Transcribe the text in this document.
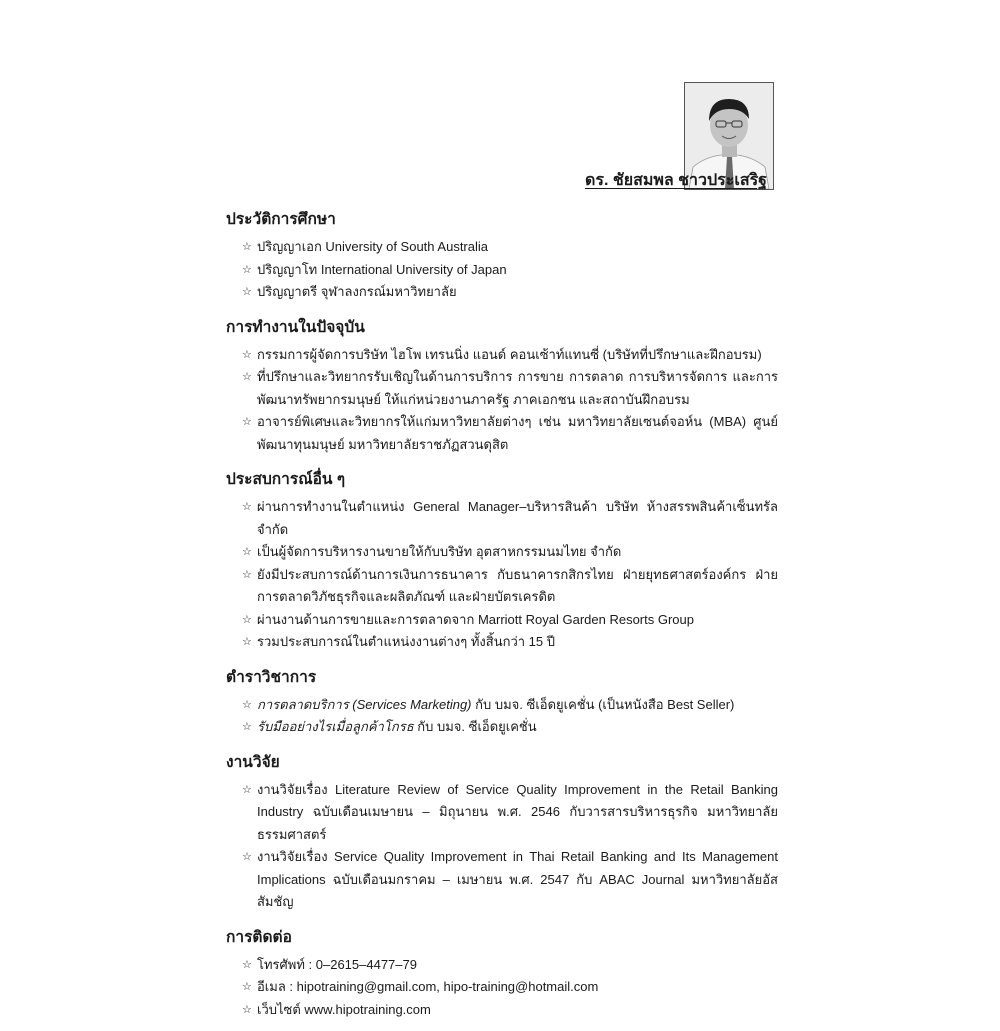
ดร. ชัยสมพล ชาวประเสริฐ
ประวัติการศึกษา
☆ ปริญญาเอก University of South Australia
☆ ปริญญาโท International University of Japan
☆ ปริญญาตรี จุฬาลงกรณ์มหาวิทยาลัย
การทำงานในปัจจุบัน
☆ กรรมการผู้จัดการบริษัท ไฮโพ เทรนนิ่ง แอนด์ คอนเซ้าท์แทนซี่ (บริษัทที่ปรึกษาและฝึกอบรม)
☆ ที่ปรึกษาและวิทยากรรับเชิญในด้านการบริการ การขาย การตลาด การบริหารจัดการ และการพัฒนาทรัพยากรมนุษย์ ให้แก่หน่วยงานภาครัฐ ภาคเอกชน และสถาบันฝึกอบรม
☆ อาจารย์พิเศษและวิทยากรให้แก่มหาวิทยาลัยต่างๆ เช่น มหาวิทยาลัยเซนต์จอห์น (MBA) ศูนย์พัฒนาทุนมนุษย์ มหาวิทยาลัยราชภัฏสวนดุสิต
ประสบการณ์อื่น ๆ
☆ ผ่านการทำงานในตำแหน่ง General Manager–บริหารสินค้า บริษัท ห้างสรรพสินค้าเซ็นทรัล จำกัด
☆ เป็นผู้จัดการบริหารงานขายให้กับบริษัท อุตสาหกรรมนมไทย จำกัด
☆ ยังมีประสบการณ์ด้านการเงินการธนาคาร กับธนาคารกสิกรไทย ฝ่ายยุทธศาสตร์องค์กร ฝ่ายการตลาดวิภัชธุรกิจและผลิตภัณฑ์ และฝ่ายบัตรเครดิต
☆ ผ่านงานด้านการขายและการตลาดจาก Marriott Royal Garden Resorts Group
☆ รวมประสบการณ์ในตำแหน่งงานต่างๆ ทั้งสิ้นกว่า 15 ปี
ตำราวิชาการ
☆ การตลาดบริการ (Services Marketing) กับ บมจ. ซีเอ็ดยูเคชั่น (เป็นหนังสือ Best Seller)
☆ รับมืออย่างไรเมื่อลูกค้าโกรธ กับ บมจ. ซีเอ็ดยูเคชั่น
งานวิจัย
☆ งานวิจัยเรื่อง Literature Review of Service Quality Improvement in the Retail Banking Industry ฉบับเดือนเมษายน – มิถุนายน พ.ศ. 2546 กับวารสารบริหารธุรกิจ มหาวิทยาลัยธรรมศาสตร์
☆ งานวิจัยเรื่อง Service Quality Improvement in Thai Retail Banking and Its Management Implications ฉบับเดือนมกราคม – เมษายน พ.ศ. 2547 กับ ABAC Journal มหาวิทยาลัยอัสสัมชัญ
การติดต่อ
☆ โทรศัพท์ : 0–2615–4477–79
☆ อีเมล : hipotraining@gmail.com, hipo-training@hotmail.com
☆ เว็บไซต์ www.hipotraining.com
